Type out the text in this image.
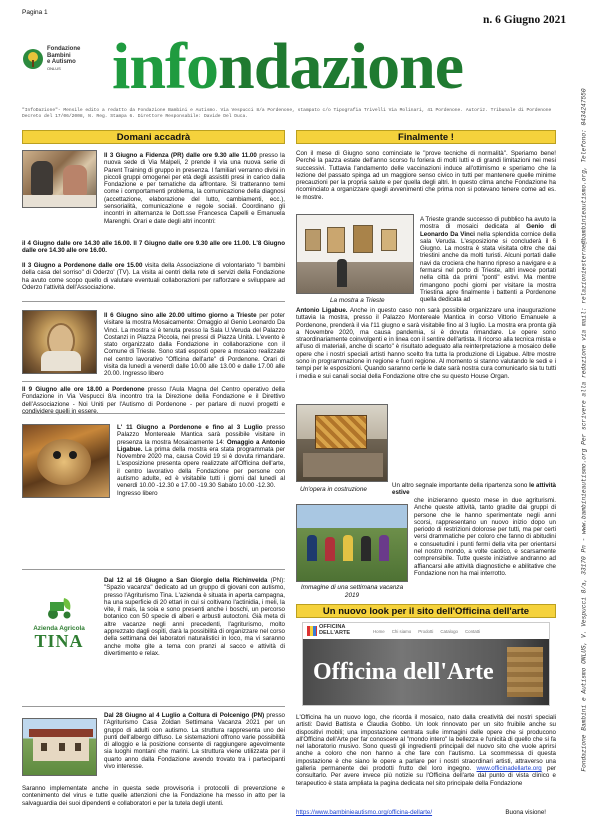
Pagina 1
n. 6 Giugno 2021
Fondazione
Bambini
e Autismo
ONLUS infondazione
"InfoDazione"- Mensile edito a redatto da Fondazione Bambini e Autismo. Via Vespucci 8/a Pordenone, stampato c/o Tipografia Trivelli Via Molinari, 41 Pordenone. Autoriz. Tribunale di Pordenone Decreto del 17/06/2008, N. Reg. Stampa 6. Direttore Responsabile: Davide Del Duca.	Fondazione Bambini e Autismo ONLUS, V. Vespucci 8/a, 33170 Pn - www.bambinieautismo.org Per scrivere alla redazione via mail: relazioniesterne@bambinieautismo.org, Telefono: 0434247550
Domani accadrà
Il 3 Giugno a Fidenza (PR) dalle ore 9.30 alle 11.00 presso la nuova sede di Via Malpeli, 2 prende il via una nuova serie di Parent Training di gruppo in presenza. I familiari verranno divisi in piccoli gruppi omogenei per età degli assistiti presi in carico dalla Fondazione e per tematiche da affrontare. Si tratteranno temi come i comportamenti problema, la comunicazione della diagnosi (accettazione, elaborazione del lutto, cambiamenti, ecc.), sensorialità, comunicazione e regole sociali. Coordinano gli incontri in alternanza le Dott.sse Francesca Capelli e Emanuela Marenghi. Orari e date degli altri incontri:
il 4 Giugno dalle ore 14.30 alle 16.00. Il 7 Giugno dalle ore 9.30 alle ore 11.00. L'8 Giugno dalle ore 14.30 alle ore 16.00.
Il 3 Giugno a Pordenone dalle ore 15.00 visita della Associazione di volontariato "I bambini della casa del sorriso" di Oderzo' (TV). La visita ai centri della rete di servizi della Fondazione ha avuto come scopo quello di valutare eventuali collaborazioni per rafforzare e sviluppare ad Oderzo l'attività dell'Associazione.
Il 6 Giugno sino alle 20.00 ultimo giorno a Trieste per poter visitare la mostra Mosaicamente: Omaggio al Genio Leonardo Da Vinci. La mostra si è tenuta presso la Sala U.Veruda del Palazzo Costanzi in Piazza Piccola, nei pressi di Piazza Unità. L'evento è stato organizzato dalla Fondazione in collaborazione con il Comune di Trieste. Sono stati esposti opere a mosaico realizzate nel centro lavorativo "Officina dell'arte" di Pordenone. Orari di visita da lunedì a venerdì dalle 10.00 alle 13.00 e dalle 17.00 alle 20.00. Ingresso libero
Il 9 Giugno alle ore 18.00 a Pordenone presso l'Aula Magna del Centro operativo della Fondazione in Via Vespucci 8/a incontro tra la Direzione della Fondazione e il Direttivo dell'Associazione - Noi Uniti per l'Autismo di Pordenone - per parlare di nuovi progetti e condividere quelli in essere.
L' 11 Giugno a Pordenone e fino al 3 Luglio presso Palazzo Montereale Mantica sarà possibile visitare in presenza la mostra Mosaicamente 14: Omaggio a Antonio Ligabue. La prima della mostra era stata programmata per Novembre 2020 ma, causa Covid 19 si è dovuta rimandare. L'esposizione presenta opere realizzate all'Officina dell'arte, il centro lavorativo della Fondazione per persone con autismo adulte, ed è visitabile tutti i giorni dal lunedì al venerdì 10.00 -12.30 e 17.00 -19.30 Sabato 10.00 -12.30.
Ingresso libero
Azienda Agricola
TINA
Dal 12 al 16 Giugno a San Giorgio della Richinvelda (PN): "Spazio vacanza" dedicato ad un gruppo di giovani con autismo, presso l'Agriturismo Tina. L'azienda è situata in aperta campagna, ha una superficie di 20 ettari in cui si coltivano l'actinidia, i meli, la vite, il mais, la soia e sono presenti anche i boschi, un percorso botanico con 50 specie di alberi e arbusti autoctoni. Già meta di altre vacanze negli anni precedenti, l'agriturismo, molto apprezzato dagli ospiti, darà la possibilità di organizzare nel corso della settimana dei laboratori naturalistici in loco, ma vi saranno anche molte gite a tema con pranzi al sacco e attività di divertimento e relax.
Dal 28 Giugno al 4 Luglio a Coltura di Polcenigo (PN) presso l'Agriturismo Casa Zoldan Settimana Vacanza 2021 per un gruppo di adulti con autismo. La struttura rappresenta uno dei punti dell'albergo diffuso. Le sistemazioni offrono varie possibilità di alloggio e la posizione consente di raggiungere agevolmente sia luoghi montani che marini. La struttura viene utilizzata per il quarto anno dalla Fondazione avendo trovato tra i partecipanti vivo interesse.
Saranno implementate anche in questa sede provvisoria i protocolli di prevenzione e contenimento del virus e tutte quelle attenzioni che la Fondazione ha messo in atto per la salvaguardia dei suoi dipendenti e collaboratori e per la tutela degli utenti.
Finalmente !
Con il mese di Giugno sono cominciate le "prove tecniche di normalità". Speriamo bene! Perché la pazza estate dell'anno scorso fu foriera di molti lutti e di grandi limitazioni nei mesi successivi. Tuttavia l'andamento delle vaccinazioni induce all'ottimismo e speriamo che la lezione del passato spinga ad un maggiore senso civico in tutti per mantenere quelle minime precauzioni per la propria salute e per quella degli altri. In questo clima anche Fondazione ha ricominciato a organizzare quegli avvenimenti che prima non si potevano tenere come ad es. le mostre.
La mostra a Trieste
A Trieste grande successo di pubblico ha avuto la mostra di mosaici dedicata al Genio di Leonardo Da Vinci nella splendida cornice della sala Veruda. L'esposizione si concluderà il 6 Giugno. La mostra è stata visitata oltre che dai triestini anche da molti turisti. Alcuni portati dalle navi da crociera che hanno ripreso a navigare e a fermarsi nel porto di Trieste, altri invece portati nella città da primi "ponti" estivi. Ma mentre rimangono pochi giorni per visitare la mostra Triestina apre finalmente i battenti a Pordenone quella dedicata ad
Antonio Ligabue. Anche in questo caso non sarà possibile organizzare una inaugurazione tuttavia la mostra, presso il Palazzo Montereale Mantica in corso Vittorio Emanuele a Pordenone, prenderà il via l'11 giugno e sarà visitabile fino al 3 luglio. La mostra era pronta già a Novembre 2020, ma causa pandemia, si è dovuta rimandare. Le opere sono straordinariamente coinvolgenti e in linea con il sentire dell'artista. Il ricorso alla tecnica mista e all'uso di materiali, anche di scarto" è risultato adeguato alla reinterpretazione a mosaico delle opere che i nostri speciali artisti hanno scelto fra tutta la produzione di Ligabue. Altre mostre sono in programmazione in regione e fuori regione. Al momento si stanno valutando le sedi e i tempi per le esposizioni. Quando saranno certe le date sarà nostra cura comunicarlo sia tu tutti i media e sui canali social della Fondazione oltre che su questo House Organ.
Un'opera in costruzione
Un altro segnale importante della ripartenza sono le attività estive
Immagine di una settimana vacanza 2019
che inizieranno questo mese in due agriturismi. Anche queste attività, tanto gradite dai gruppi di persone che le hanno sperimentate negli anni scorsi, rappresentano un nuovo inizio dopo un periodo di restrizioni dolorose per tutti, ma per certi versi drammatiche per coloro che fanno di abitudini e consuetudini i punti fermi della vita per orientarsi nel nostro mondo, a volte caotico, e scarsamente comprensibile. Tutte queste iniziative andranno ad affiancarsi alle attività diagnostiche e abilitative che Fondazione non ha mai interrotto.
Un nuovo look per il sito dell'Officina dell'arte
OFFICINA
DELL'ARTE	Home Chi siamo Prodotti Catalogo Contatti
Officina dell'Arte
L'Officina ha un nuovo logo, che ricorda il mosaico, nato dalla creatività dei nostri speciali artisti: David Battista e Claudia Gobbo. Un look rinnovato per un sito fruibile anche su dispositivi mobili; una impostazione centrata sulle immagini delle opere che si producono all'Officina dell'Arte per far conoscere al "mondo intero" la bellezza e l'unicità di quello che si fa nel laboratorio musivo. Sono questi gli ingredienti principali del nuovo sito che vuole aprirsi anche a coloro che non hanno a che fare con l'autismo. La scommessa di questa impostazione è che siano le opere a parlare per i nostri straordinari artisti, attraverso una galleria permanente dei prodotti frutto del loro ingegno. www.officinadellarte.org per consultarlo. Per avere invece più notizie su l'Officina dell'arte dal punto di vista clinico e terapeutico è stata ampliata la pagina dedicata nel sito principale della Fondazione
https://www.bambinieautismo.org/officina-dellarte/	Buona visione!
